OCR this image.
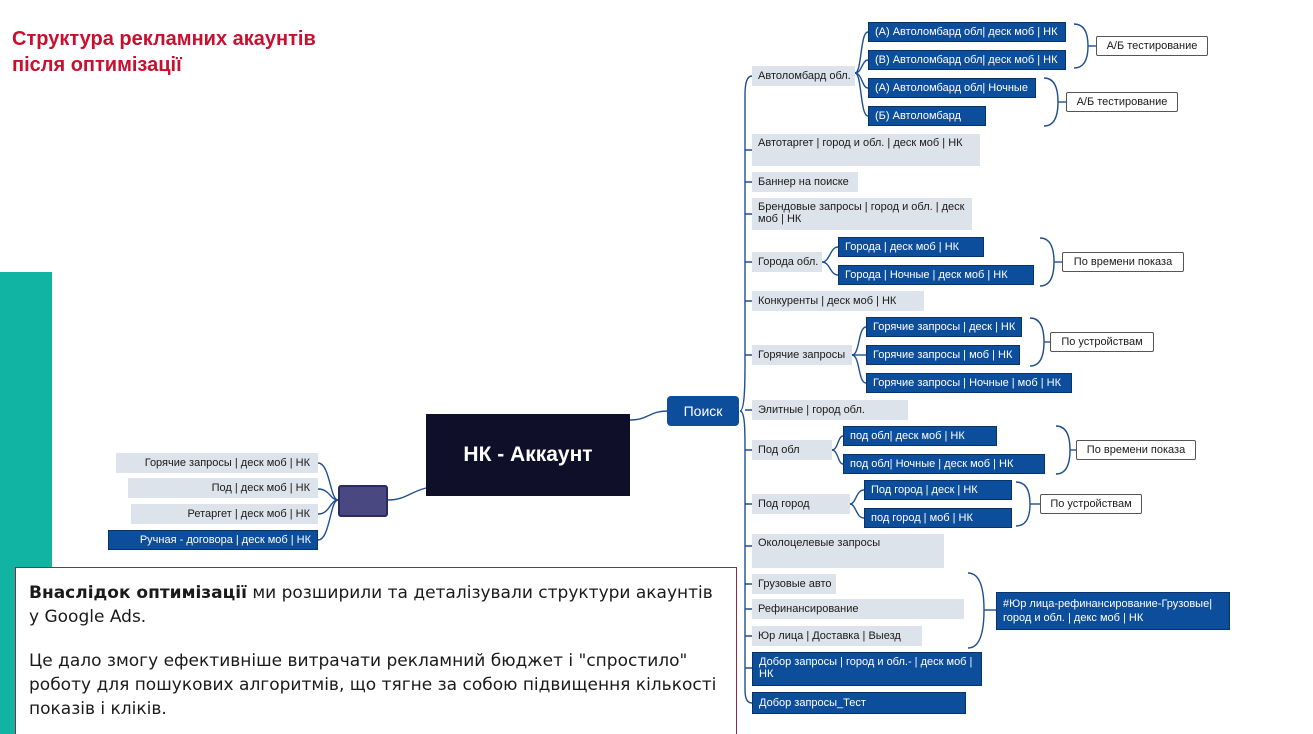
Структура рекламних акаунтів
після оптимізації
Горячие запросы | деск моб | НК
Под | деск моб | НК
Ретаргет | деск моб | НК
Ручная - договора | деск моб | НК
НК - Аккаунт
Поиск
Автоломбард обл.
Автотаргет | город и обл. | деск моб | НК
Баннер на поиске
Брендовые запросы | город и обл. | деск моб | НК
Города обл.
Конкуренты | деск моб | НК
Горячие запросы
Элитные | город обл.
Под обл
Под город
Околоцелевые запросы
Грузовые авто
Рефинансирование
Юр лица | Доставка | Выезд
Добор запросы | город и обл.- | деск моб | НК
Добор запросы_Тест
(А) Автоломбард обл| деск моб | НК
(В) Автоломбард обл| деск моб | НК
(А) Автоломбард обл| Ночные
(Б) Автоломбард
Города | деск моб | НК
Города | Ночные | деск моб | НК
Горячие запросы | деск | НК
Горячие запросы | моб | НК
Горячие запросы | Ночные | моб | НК
под обл| деск моб | НК
под обл| Ночные | деск моб | НК
Под город | деск | НК
под город | моб | НК
#Юр лица-рефинансирование-Грузовые|
город и обл. | декс моб | НК
А/Б тестирование
А/Б тестирование
По времени показа
По устройствам
По времени показа
По устройствам

Внаслідок оптимізації ми розширили та деталізували структури акаунтів у Google Ads.

Це дало змогу ефективніше витрачати рекламний бюджет і "спростило" роботу для пошукових алгоритмів, що тягне за собою підвищення кількості показів і кліків.
